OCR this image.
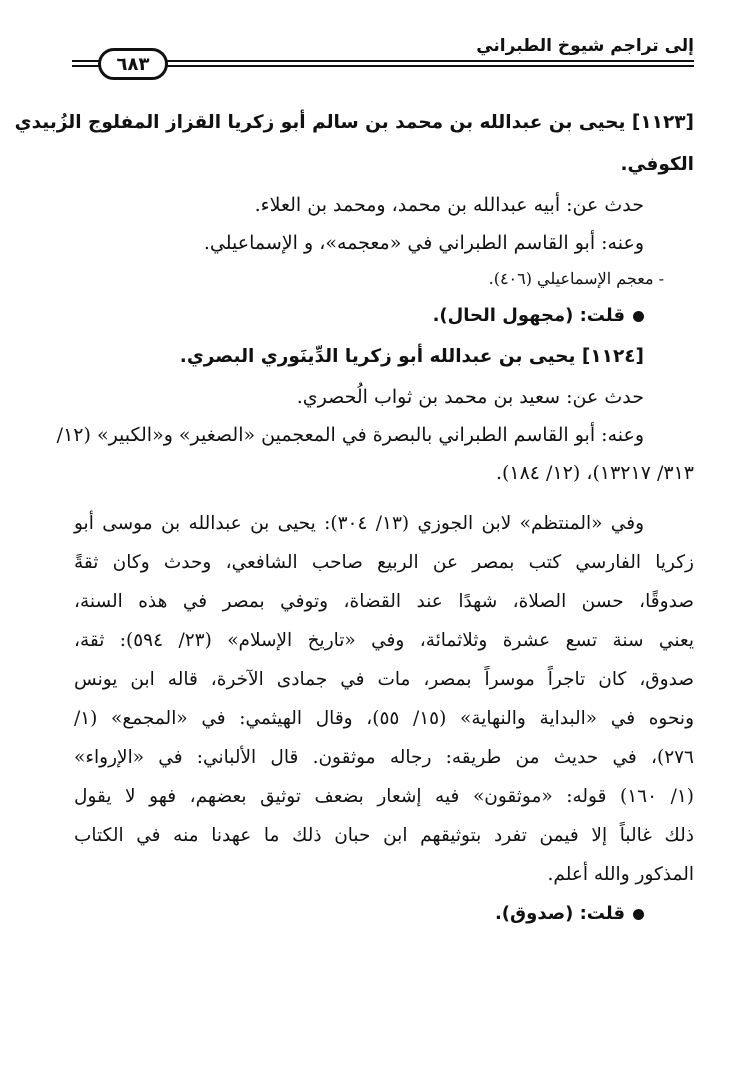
إلى تراجم شيوخ الطبراني
٦٨٣
[١١٢٣] يحيى بن عبدالله بن محمد بن سالم أبو زكريا القزاز المفلوج الزُبيدي
الكوفي.
حدث عن: أبيه عبدالله بن محمد، ومحمد بن العلاء.
وعنه: أبو القاسم الطبراني في «معجمه»، و الإسماعيلي.
- معجم الإسماعيلي (٤٠٦).
قلت: (مجهول الحال).
[١١٢٤] يحيى بن عبدالله أبو زكريا الدِّينَوري البصري.
حدث عن: سعيد بن محمد بن ثواب الُحصري.
وعنه: أبو القاسم الطبراني بالبصرة في المعجمين «الصغير» و«الكبير» (١٢/
٣١٣/ ١٣٢١٧)، (١٢/ ١٨٤).
وفي «المنتظم» لابن الجوزي (١٣/ ٣٠٤): يحيى بن عبدالله بن موسى أبو
زكريا الفارسي كتب بمصر عن الربيع صاحب الشافعي، وحدث وكان ثقةً
صدوقًا، حسن الصلاة، شهدًا عند القضاة، وتوفي بمصر في هذه السنة،
يعني سنة تسع عشرة وثلاثمائة، وفي «تاريخ الإسلام» (٢٣/ ٥٩٤): ثقة،
صدوق، كان تاجراً موسراً بمصر، مات في جمادى الآخرة، قاله ابن يونس
ونحوه في «البداية والنهاية» (١٥/ ٥٥)، وقال الهيثمي: في «المجمع» (١/
٢٧٦)، في حديث من طريقه: رجاله موثقون. قال الألباني: في «الإرواء»
(١/ ١٦٠) قوله: «موثقون» فيه إشعار بضعف توثيق بعضهم، فهو لا يقول
ذلك غالباً إلا فيمن تفرد بتوثيقهم ابن حبان ذلك ما عهدنا منه في الكتاب
المذكور والله أعلم.
قلت: (صدوق).
